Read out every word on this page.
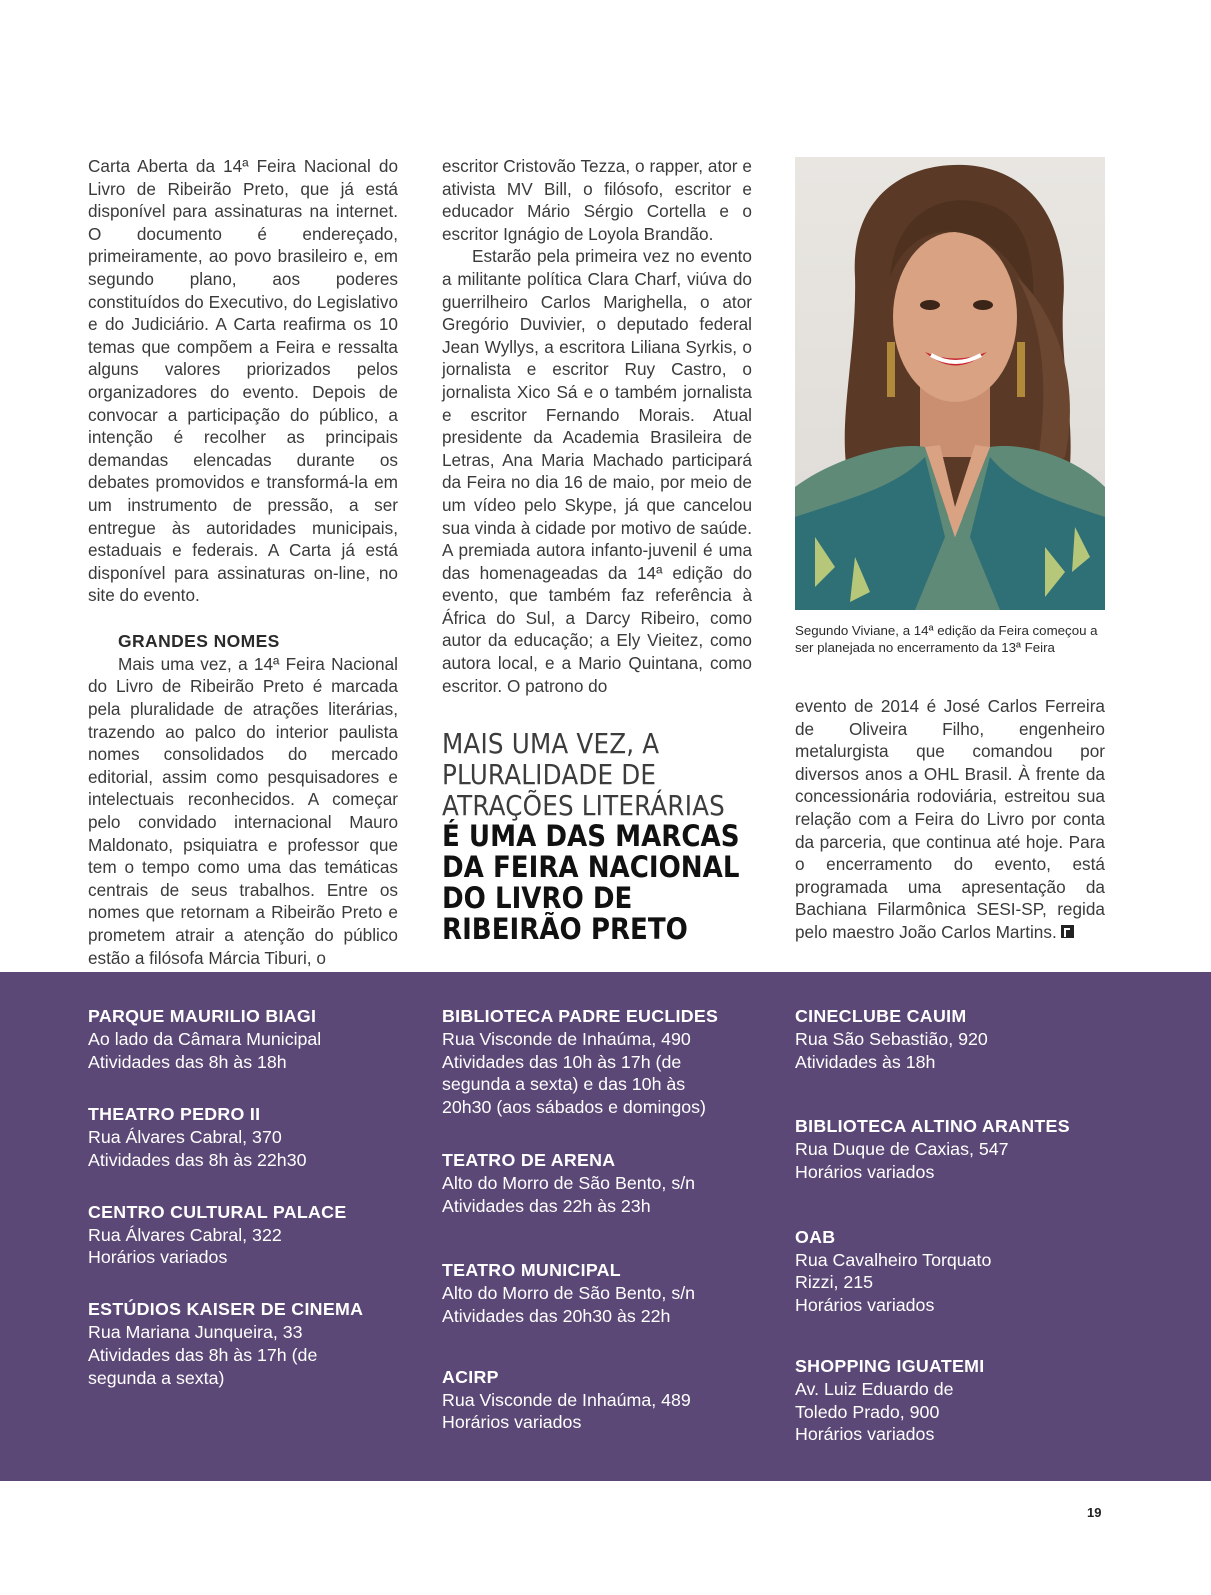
Carta Aberta da 14ª Feira Nacional do Livro de Ribeirão Preto, que já está disponível para assinaturas na internet. O documento é endereçado, primeiramente, ao povo brasileiro e, em segundo plano, aos poderes constituídos do Executivo, do Legislativo e do Judiciário. A Carta reafirma os 10 temas que compõem a Feira e ressalta alguns valores priorizados pelos organizadores do evento. Depois de convocar a participação do público, a intenção é recolher as principais demandas elencadas durante os debates promovidos e transformá-la em um instrumento de pressão, a ser entregue às autoridades municipais, estaduais e federais. A Carta já está disponível para assinaturas on-line, no site do evento.

GRANDES NOMES

Mais uma vez, a 14ª Feira Nacional do Livro de Ribeirão Preto é marcada pela pluralidade de atrações literárias, trazendo ao palco do interior paulista nomes consolidados do mercado editorial, assim como pesquisadores e intelectuais reconhecidos. A começar pelo convidado internacional Mauro Maldonato, psiquiatra e professor que tem o tempo como uma das temáticas centrais de seus trabalhos. Entre os nomes que retornam a Ribeirão Preto e prometem atrair a atenção do público estão a filósofa Márcia Tiburi, o

escritor Cristovão Tezza, o rapper, ator e ativista MV Bill, o filósofo, escritor e educador Mário Sérgio Cortella e o escritor Ignágio de Loyola Brandão.

Estarão pela primeira vez no evento a militante política Clara Charf, viúva do guerrilheiro Carlos Marighella, o ator Gregório Duvivier, o deputado federal Jean Wyllys, a escritora Liliana Syrkis, o jornalista e escritor Ruy Castro, o jornalista Xico Sá e o também jornalista e escritor Fernando Morais. Atual presidente da Academia Brasileira de Letras, Ana Maria Machado participará da Feira no dia 16 de maio, por meio de um vídeo pelo Skype, já que cancelou sua vinda à cidade por motivo de saúde. A premiada autora infanto-juvenil é uma das homenageadas da 14ª edição do evento, que também faz referência à África do Sul, a Darcy Ribeiro, como autor da educação; a Ely Vieitez, como autora local, e a Mario Quintana, como escritor. O patrono do

MAIS UMA VEZ, A
PLURALIDADE DE
ATRAÇÕES LITERÁRIAS
É UMA DAS MARCAS
DA FEIRA NACIONAL
DO LIVRO DE
RIBEIRÃO PRETO
Segundo Viviane, a 14ª edição da Feira começou a ser planejada no encerramento da 13ª Feira

evento de 2014 é José Carlos Ferreira de Oliveira Filho, engenheiro metalurgista que comandou por diversos anos a OHL Brasil. À frente da concessionária rodoviária, estreitou sua relação com a Feira do Livro por conta da parceria, que continua até hoje. Para o encerramento do evento, está programada uma apresentação da Bachiana Filarmônica SESI-SP, regida pelo maestro João Carlos Martins.

PARQUE MAURILIO BIAGI
Ao lado da Câmara Municipal
Atividades das 8h às 18h
THEATRO PEDRO II
Rua Álvares Cabral, 370
Atividades das 8h às 22h30
CENTRO CULTURAL PALACE
Rua Álvares Cabral, 322
Horários variados
ESTÚDIOS KAISER DE CINEMA
Rua Mariana Junqueira, 33
Atividades das 8h às 17h (de
segunda a sexta)
BIBLIOTECA PADRE EUCLIDES
Rua Visconde de Inhaúma, 490
Atividades das 10h às 17h (de
segunda a sexta) e das 10h às
20h30 (aos sábados e domingos)
TEATRO DE ARENA
Alto do Morro de São Bento, s/n
Atividades das 22h às 23h
TEATRO MUNICIPAL
Alto do Morro de São Bento, s/n
Atividades das 20h30 às 22h
ACIRP
Rua Visconde de Inhaúma, 489
Horários variados
CINECLUBE CAUIM
Rua São Sebastião, 920
Atividades às 18h
BIBLIOTECA ALTINO ARANTES
Rua Duque de Caxias, 547
Horários variados
OAB
Rua Cavalheiro Torquato
Rizzi, 215
Horários variados
SHOPPING IGUATEMI
Av. Luiz Eduardo de
Toledo Prado, 900
Horários variados
19
